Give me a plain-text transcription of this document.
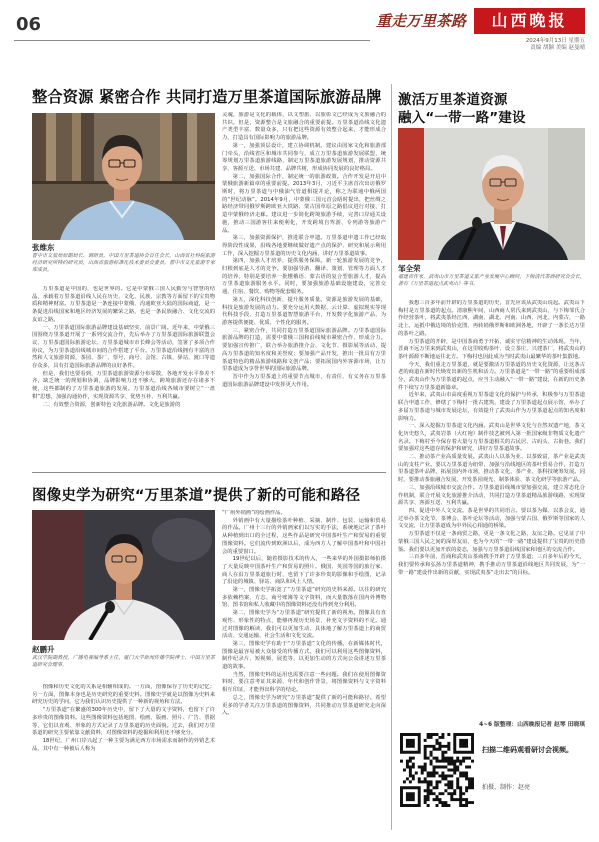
06	重走万里茶路	山西晚报
2024年9月13日 星期五
责编 胡颖 美编 赵曼晴
整合资源 紧密合作 共同打造万里茶道国际旅游品牌
张维东
晋中市文旅局原副局长、调研员。中国万里茶道协会首任会长，山西省社科院旅游经济研究所特约研究员，山西省旅游标准化技术委员会委员，晋中市文化旅游专家库成员。

万里茶道是中国的，也是世界的。它是中蒙俄三国人民勤劳与智慧的结晶，承载着万里茶道沿线人民在历史、文化、民族、宗教等方面留下的宝贵物质和精神财富。万里茶道是一条连接中蒙俄、沟通欧亚大陆的国际商道，是一条促进沿线国家和地区经济发展的繁荣之路，也是一条民族融合、文化交流的友谊之路。

一、万里茶道国际旅游品牌建设基础坚实、前景广阔。近年来，中蒙俄三国围绕万里茶道开展了一系列交流合作，先后举办了万里茶道国际旅游联盟会议、万里茶道国际旅游论坛、万里茶道城市市长峰会等活动，签署了多项合作协议，为万里茶道沿线城市间的合作搭建了平台。万里茶道沿线拥有丰富的自然和人文旅游资源，茶园、茶厂、票号、商号、会馆、古镇、驿站、渡口等遗存众多，具有打造国际旅游品牌的良好条件。

但是，我们也要看到，万里茶道旅游资源分布零散，各地开发水平参差不齐，缺乏统一的规划和协调，品牌影响力还不够大，跨境旅游还存在诸多不便，这些都制约了万里茶道旅游的发展。万里茶道沿线各城市要树立“一盘棋”思想，加强沟通协作，实现资源共享、优势互补、互利共赢。

二、有效整合资源，创新特色文化旅游品牌。文化是旅游的

灵魂，旅游是文化的载体，以文塑旅、以旅彰文已经成为文旅融合的共识。但是，资源整合是文旅融合的重要前提。万里茶道沿线文化遗产类型丰富、数量众多，只有把这些资源有效整合起来，才能形成合力，打造具有国际影响力的旅游品牌。

第一，加强顶层设计，建立协调机制。建议由国家文化和旅游部门牵头，沿线省区和城市共同参与，成立万里茶道旅游发展联盟，统筹规划万里茶道旅游线路，制定万里茶道旅游发展规划，推动资源共享、客源互送、市场共建、品牌共树，形成协同发展的良好格局。

第二，加强国际合作，制定统一的旅游政策。合作开发是开启中蒙俄旅游新篇章的重要前提。2013年3月，习近平主席首次出访俄罗斯时，将万里茶道与中俄油气管道相提并论，称之为联通中俄两国的“世纪动脉”。2014年9月，中蒙俄三国元首会晤时提出，把丝绸之路经济带同俄罗斯跨欧亚大铁路、蒙古国草原之路倡议进行对接，打造中蒙俄经济走廊。建议进一步简化跨境旅游手续，完善口岸通关设施，推动三国游客往来便利化，开发跨境自驾游、专列游等旅游产品。

第三，加强资源保护，推进联合申遗。万里茶道申遗工作已经取得阶段性成果，沿线各地要继续做好遗产点的保护、研究和展示利用工作，深入挖掘万里茶道的历史文化内涵，讲好万里茶道故事。

第四，加强人才培养，提供服务保障。新一轮旅游发展的竞争，归根到底是人才的竞争。要加强导游、翻译、策划、管理等方面人才的培养，特别是要培养一批懂俄语、蒙古语的复合型旅游人才，提高万里茶道旅游服务水平。同时，要加强旅游基础设施建设，完善交通、住宿、餐饮、购物等配套服务。

第五，深化科技创新，提升服务质量。资源是旅游发展的基础，科技是旅游发展的动力。要充分运用大数据、云计算、虚拟现实等现代科技手段，打造万里茶道智慧旅游平台，开发数字化旅游产品，为游客提供便捷、优质、个性化的服务。

三、紧密合作，共同打造万里茶道国际旅游品牌。万里茶道国际旅游品牌的打造，需要中蒙俄三国和沿线城市紧密合作、形成合力。要加强宣传推广，联合举办旅游推介会、文化节、摄影展等活动，提高万里茶道的知名度和美誉度；要加强产品开发，推出一批具有万里茶道特色的精品旅游线路和文创产品；要拓展国内外客源市场，让万里茶道成为享誉世界的国际旅游品牌。

晋中作为万里茶道上的重要节点城市，有责任、有义务在万里茶道国际旅游品牌建设中发挥更大作用。

图像史学为研究“万里茶道”提供了新的可能和路径
赵鹏升
武汉学院副教授，广播电视编导系主任，厦门大学新闻传播学院博士，中国万里茶道研究会理事。

图像和历史文化的关系是相辅相成的。一方面，图像保存了历史的记忆；另一方面，图像本身也是历史研究的重要史料。图像史学就是以图像为史料来研究历史的学问，它为我们认识历史提供了一种新的视角和方法。

“万里茶道”在繁盛的300年历史中，留下了大量的文字资料，也留下了许多珍贵的图像资料。这些图像资料包括地图、绘画、版画、照片、广告、票据等，它们以直观、形象的方式记录了万里茶道的历史面貌。过去，我们对万里茶道的研究主要依靠文献资料，对图像资料的挖掘和利用还不够充分。

18世纪，广州口岸兴起了一种主要为满足西方市场需求而制作的外销艺术品，其中有一种被后人称为

“广州外销画”的绘画作品。

外销画中有大量描绘茶叶种植、采摘、制作、包装、运输和贸易的作品。广州十三行的外销画家们以写实的手法，系统地记录了茶叶从种植到出口的全过程，这些作品是研究中国茶叶生产和贸易的重要图像资料。它们流传到欧洲以后，成为西方人了解中国茶叶和中国社会的重要窗口。

19世纪以后，随着摄影技术的传入，一些来华的外国摄影师拍摄了大量反映中国茶叶生产和贸易的照片。俄国、英国等国的旅行家、商人在沿万里茶道旅行时，也留下了许多珍贵的影像和手绘图，记录了沿途的城镇、驿站、商队和风土人情。

第一，图像史学拓宽了“万里茶道”研究的史料来源。以往的研究多依赖档案、方志、商号账簿等文字资料，而大量散落在国内外博物馆、图书馆和私人收藏中的图像资料还没有得到充分利用。

第二，图像史学为“万里茶道”研究提供了新的视角。图像具有直观性、形象性的特点，能够再现历史场景，补充文字资料的不足。通过对图像的解读，我们可以更加生动、具体地了解万里茶道上的商贸活动、交通运输、社会生活和文化交流。

第三，图像史学有助于“万里茶道”文化的传播。在新媒体时代，图像是最容易被大众接受的传播方式。我们可以利用这些图像资料，制作纪录片、短视频、展览等，以更加生动的方式向公众讲述万里茶道的故事。

当然，图像史料的运用也需要注意一些问题。我们在使用图像资料时，要注意考证其来源、年代和创作背景，将图像资料与文字资料相互印证，才能得出科学的结论。

总之，图像史学为研究“万里茶道”提供了新的可能和路径。希望更多的学者关注万里茶道的图像资料，共同推动万里茶道研究走向深入。

激活万里茶道资源
融入“一带一路”建设
邹全荣
福建省作家，武夷山市万里茶道文旅产业发展中心顾问，下梅清代茶商研究会会长，著有《万里茶道起点武夷山》等书。

我想三百多年前开辟的万里茶道的历史，首先应该从武夷山说起。武夷山下梅村是万里茶道的起点。清康熙年间，山西商人常氏来到武夷山，与下梅邹氏合作经营茶叶，将武夷茶经江西、湖南、湖北、河南、山西、河北、内蒙古，一路北上，运抵中俄边境的恰克图，再转销俄罗斯和欧洲各地，开辟了一条长达万里的茶叶之路。

万里茶道的开辟，是中国茶商勇于开拓、诚实守信精神的生动体现。当年，晋商不远万里来到武夷山，在这里收购茶叶、设立茶庄、兴建茶厂，将武夷山的茶叶源源不断地运往北方。下梅村也因此成为当时武夷山最繁华的茶叶集散地。

今天，我们重走万里茶道，就是要激活万里茶道的历史文化资源，让这条古老的商道在新时代焕发出新的生机和活力。万里茶道是“一带一路”的重要组成部分，武夷山作为万里茶道的起点，应当主动融入“一带一路”建设，在新的历史条件下续写万里茶道新篇章。

近年来，武夷山市高度重视万里茶道文化的保护与传承，积极参与万里茶道联合申遗工作，修缮了下梅村一批古建筑，建设了万里茶道起点展示馆，举办了多届万里茶道与城市发展论坛，有效提升了武夷山作为万里茶道起点的知名度和影响力。

一、深入挖掘万里茶道文化内涵。武夷山是世界文化与自然双遗产地，茶文化历史悠久，武夷岩茶（大红袍）制作技艺被列入第一批国家级非物质文化遗产名录。下梅村至今保存着大量与万里茶道相关的古民居、古码头、古街巷。我们要加强对这些遗存的保护和研究，讲好万里茶道故事。

二、推动茶产业高质量发展。武夷山人以茶为业、以茶致富，茶产业是武夷山的支柱产业。要以万里茶道为纽带，加强与沿线地区的茶叶贸易合作，打造万里茶道茶叶品牌，拓展国内外市场，推动茶文化、茶产业、茶科技统筹发展。同时，要推动茶旅融合发展，开发茶园观光、制茶体验、茶文化研学等旅游产品。

三、加强沿线城市交流合作。万里茶道沿线城市要加强交流，建立常态化合作机制，联合开展文化旅游推介活动，共同打造万里茶道精品旅游线路，实现资源共享、客源互送、互利共赢。

四、促进中外人文交流。茶是世界的共同语言。要以茶为媒、以茶会友，通过举办茶文化节、茶博会、茶叶论坛等活动，加强与蒙古国、俄罗斯等国家的人文交流，让万里茶道成为中外民心相通的桥梁。

万里茶道不仅是一条商贸之路，更是一条文化之路、友谊之路。它见证了中蒙俄三国人民之间的深厚友谊，也为今天的“一带一路”建设提供了宝贵的历史借鉴。我们要以更加开放的姿态，加强与万里茶道沿线国家和地区的交流合作。

三百多年前，晋商和武夷山茶商携手开辟了万里茶道；三百多年后的今天，我们要传承和弘扬万里茶道精神，携手推动万里茶道沿线地区共同发展，为“一带一路”建设作出新的贡献，实现武夷茶“走出去”的目标。

4~6 版整理：山西晚报记者 赵琴 田晓琪
扫描二维码观看研讨会视频。
拍摄、制作：赵亮
